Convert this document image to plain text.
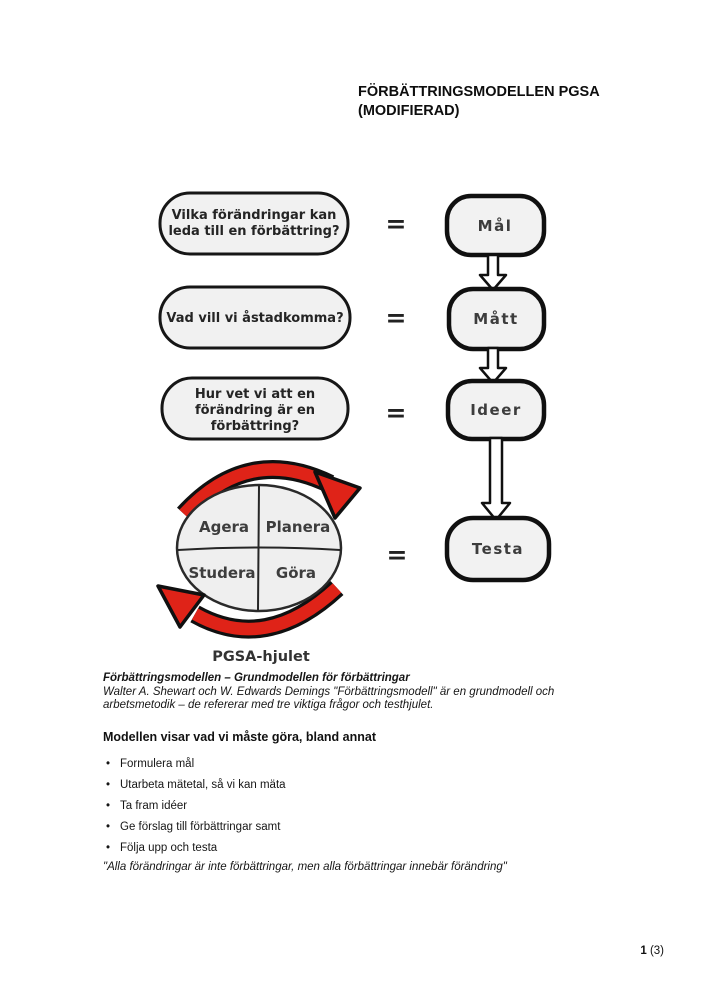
FÖRBÄTTRINGSMODELLEN PGSA
(MODIFIERAD)
Vilka förändringar kan
leda till en förbättring? =	Mål
Vad vill vi åstadkomma? =	Mått
Hur vet vi att en
förändring är en
förbättring?	=	Ideer
Agera Planera
Studera Göra
=	Testa
PGSA-hjulet
Förbättringsmodellen – Grundmodellen för förbättringar
Walter A. Shewart och W. Edwards Demings "Förbättringsmodell" är en grundmodell och
arbetsmetodik – de refererar med tre viktiga frågor och testhjulet.
Modellen visar vad vi måste göra, bland annat
• Formulera mål
• Utarbeta mätetal, så vi kan mäta
• Ta fram idéer
• Ge förslag till förbättringar samt
• Följa upp och testa
"Alla förändringar är inte förbättringar, men alla förbättringar innebär förändring"
1 (3)
